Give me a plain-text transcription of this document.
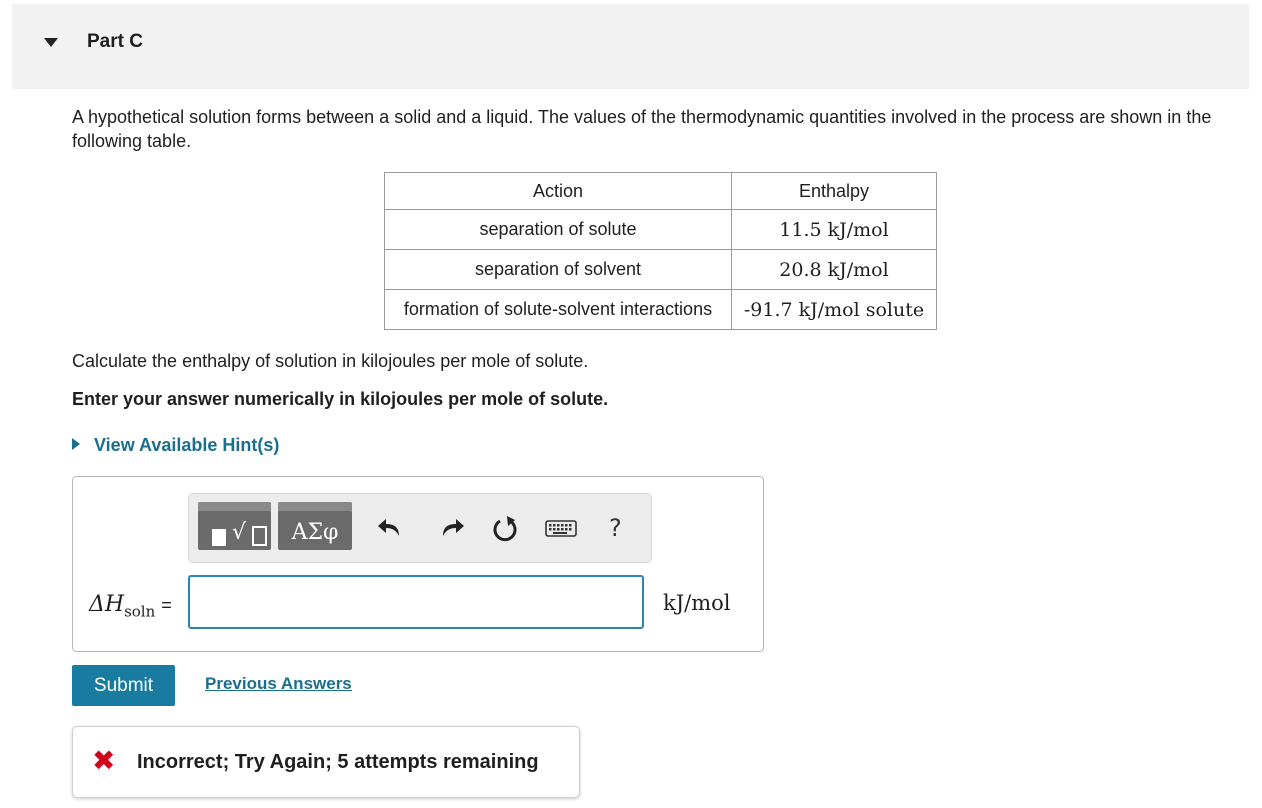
Part C
A hypothetical solution forms between a solid and a liquid. The values of the thermodynamic quantities involved in the process are shown in the following table.
Action	Enthalpy
separation of solute	11.5 kJ/mol
separation of solvent	20.8 kJ/mol
formation of solute-solvent interactions	-91.7 kJ/mol solute
Calculate the enthalpy of solution in kilojoules per mole of solute.
Enter your answer numerically in kilojoules per mole of solute.
View Available Hint(s)
√	ΑΣφ	?
$\Delta H_{soln}$ =	kJ/mol
Submit	Previous Answers
✖ Incorrect; Try Again; 5 attempts remaining
